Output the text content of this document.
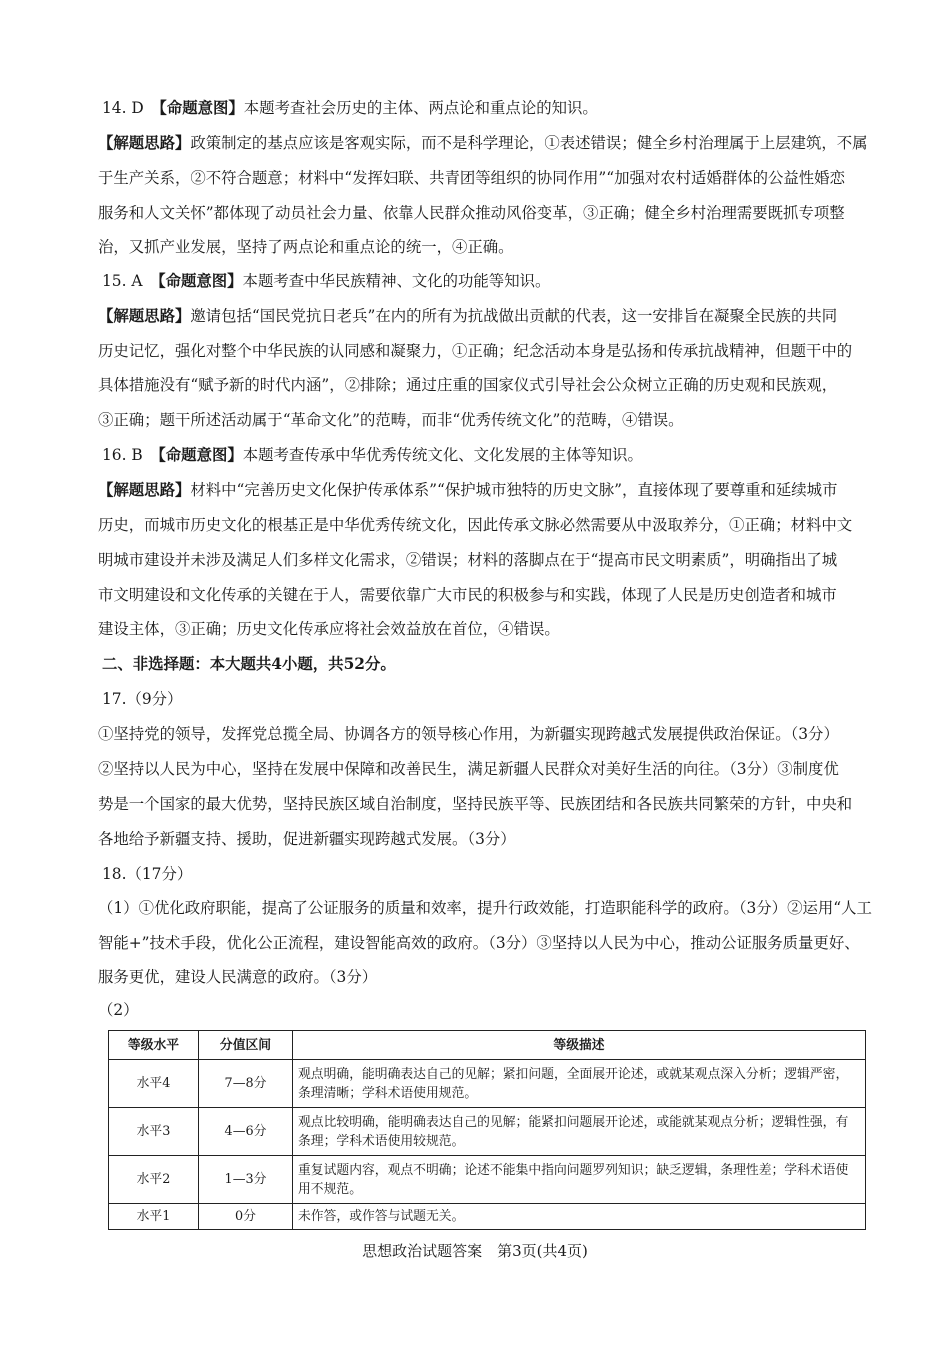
14. D　 【命题意图】本题考查社会历史的主体、两点论和重点论的知识。
【解题思路】政策制定的基点应该是客观实际，而不是科学理论，①表述错误；健全乡村治理属于上层建筑，不属
于生产关系，②不符合题意；材料中“发挥妇联、共青团等组织的协同作用”“加强对农村适婚群体的公益性婚恋
服务和人文关怀”都体现了动员社会力量、依靠人民群众推动风俗变革，③正确；健全乡村治理需要既抓专项整
治，又抓产业发展，坚持了两点论和重点论的统一，④正确。
15. A　 【命题意图】本题考查中华民族精神、文化的功能等知识。
【解题思路】邀请包括“国民党抗日老兵”在内的所有为抗战做出贡献的代表，这一安排旨在凝聚全民族的共同
历史记忆，强化对整个中华民族的认同感和凝聚力，①正确；纪念活动本身是弘扬和传承抗战精神，但题干中的
具体措施没有“赋予新的时代内涵”，②排除；通过庄重的国家仪式引导社会公众树立正确的历史观和民族观，
③正确；题干所述活动属于“革命文化”的范畴，而非“优秀传统文化”的范畴，④错误。
16. B　 【命题意图】本题考查传承中华优秀传统文化、文化发展的主体等知识。
【解题思路】材料中“完善历史文化保护传承体系”“保护城市独特的历史文脉”，直接体现了要尊重和延续城市
历史，而城市历史文化的根基正是中华优秀传统文化，因此传承文脉必然需要从中汲取养分，①正确；材料中文
明城市建设并未涉及满足人们多样文化需求，②错误；材料的落脚点在于“提高市民文明素质”，明确指出了城
市文明建设和文化传承的关键在于人，需要依靠广大市民的积极参与和实践，体现了人民是历史创造者和城市
建设主体，③正确；历史文化传承应将社会效益放在首位，④错误。
二、非选择题：本大题共4小题，共52分。
17.（9分）
①坚持党的领导，发挥党总揽全局、协调各方的领导核心作用，为新疆实现跨越式发展提供政治保证。（3分）
②坚持以人民为中心，坚持在发展中保障和改善民生，满足新疆人民群众对美好生活的向往。（3分）③制度优
势是一个国家的最大优势，坚持民族区域自治制度，坚持民族平等、民族团结和各民族共同繁荣的方针，中央和
各地给予新疆支持、援助，促进新疆实现跨越式发展。（3分）
18.（17分）
（1）①优化政府职能，提高了公证服务的质量和效率，提升行政效能，打造职能科学的政府。（3分）②运用“人工
智能+”技术手段，优化公正流程，建设智能高效的政府。（3分）③坚持以人民为中心，推动公证服务质量更好、
服务更优，建设人民满意的政府。（3分）
（2）
等级水平	分值区间	等级描述
水平4	7—8分	观点明确，能明确表达自己的见解；紧扣问题，全面展开论述，或就某观点深入分析；逻辑严密，条理清晰；学科术语使用规范。
水平3	4—6分	观点比较明确，能明确表达自己的见解；能紧扣问题展开论述，或能就某观点分析；逻辑性强，有条理；学科术语使用较规范。
水平2	1—3分	重复试题内容，观点不明确；论述不能集中指向问题罗列知识；缺乏逻辑，条理性差；学科术语使用不规范。
水平1	0分	未作答，或作答与试题无关。
思想政治试题答案　第3页(共4页)
